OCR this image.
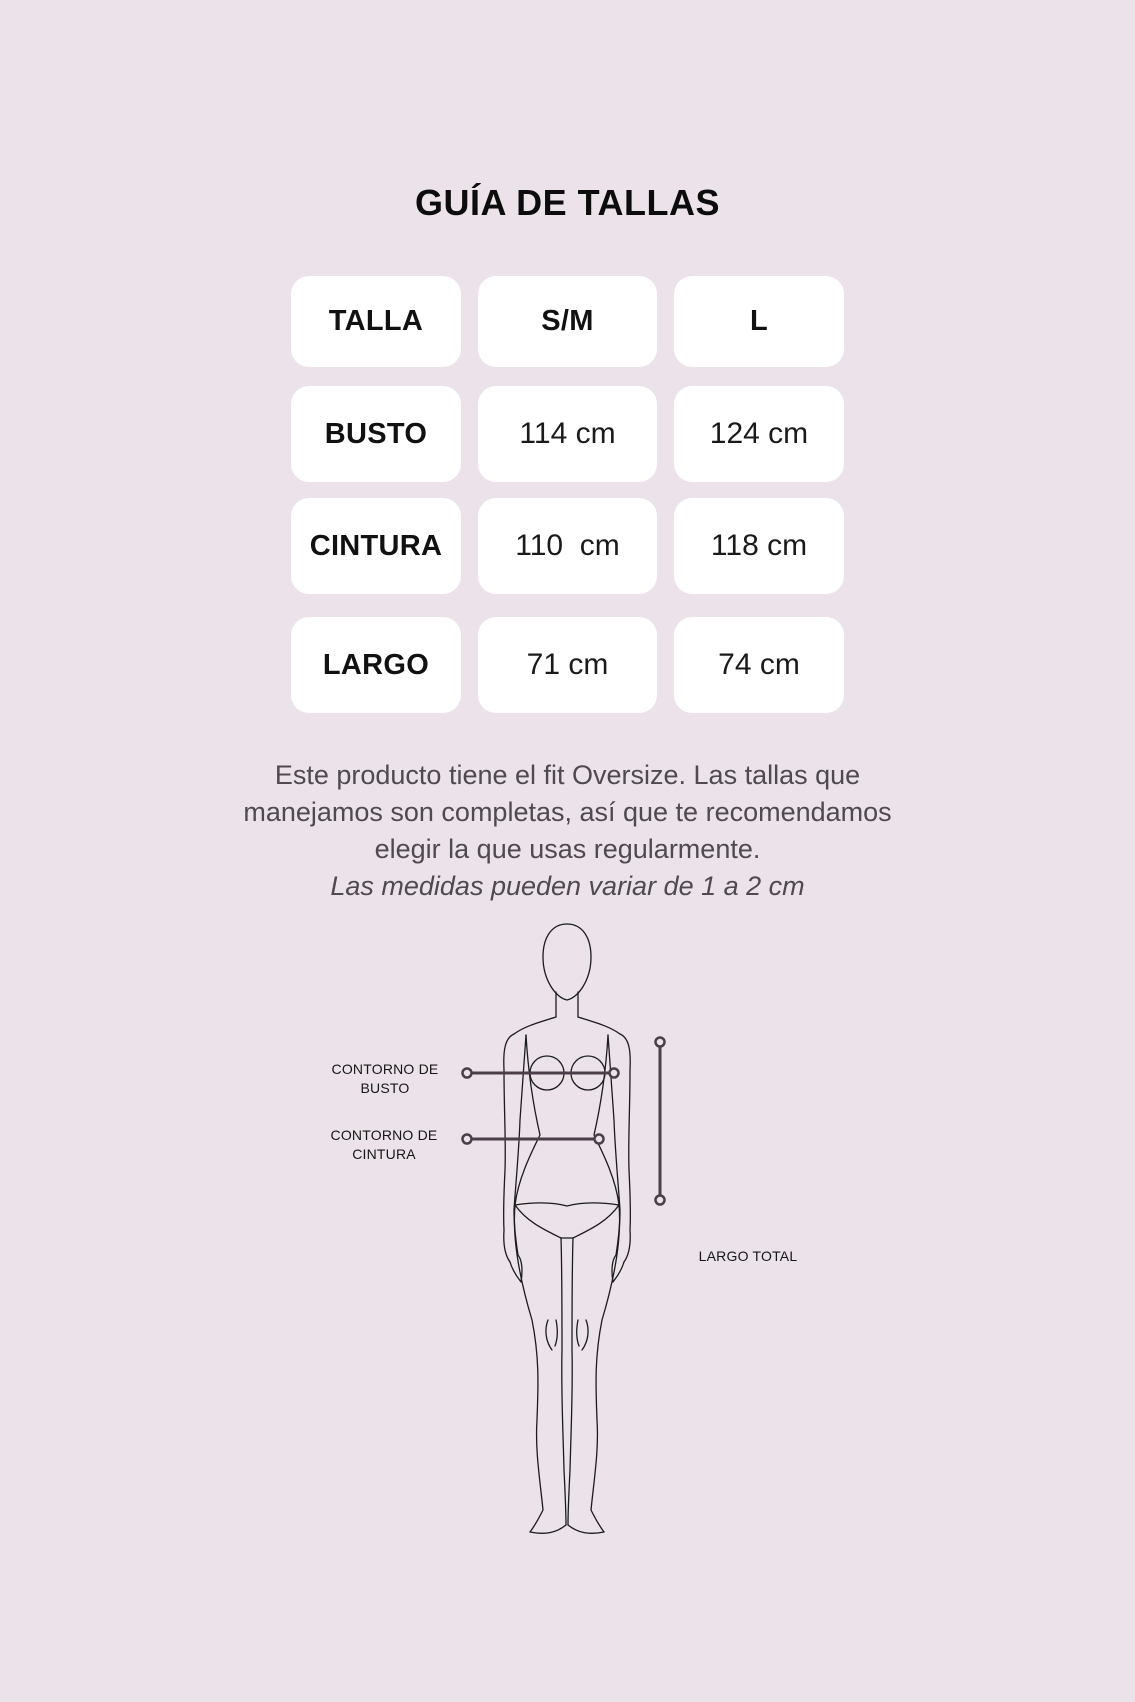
GUÍA DE TALLAS
TALLA	S/M	L
BUSTO	114 cm	124 cm
CINTURA 110  cm	118 cm
LARGO	71 cm	74 cm
Este producto tiene el fit Oversize. Las tallas que
manejamos son completas, así que te recomendamos
elegir la que usas regularmente.
Las medidas pueden variar de 1 a 2 cm
CONTORNO DE
BUSTO
CONTORNO DE
CINTURA
LARGO TOTAL
